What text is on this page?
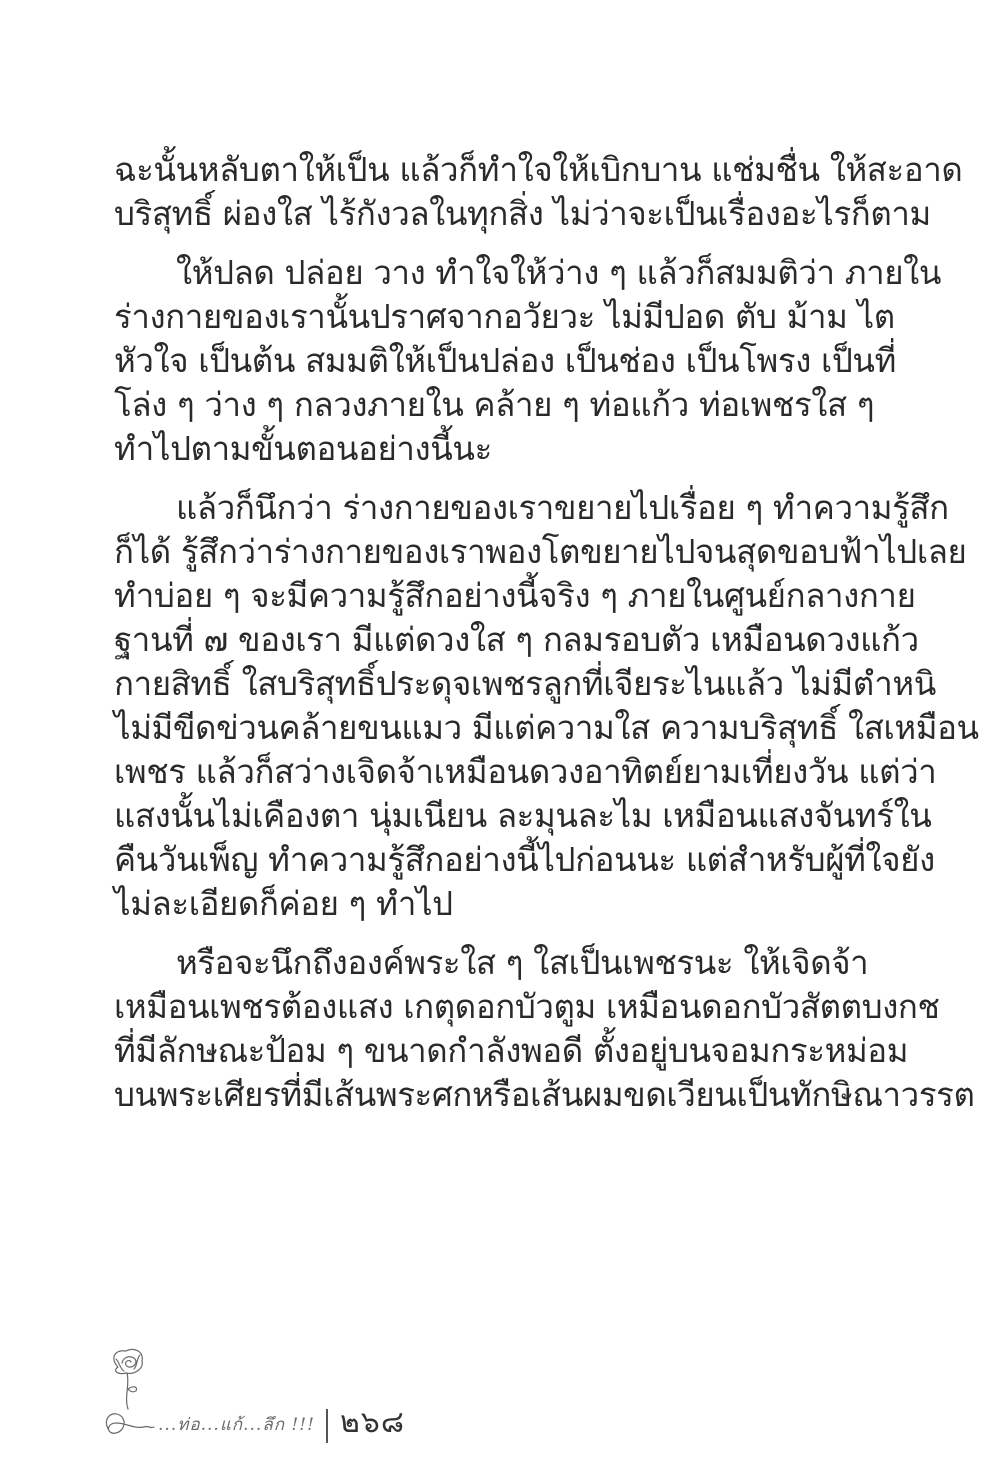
ฉะนั้นหลับตาให้เป็น แล้วก็ทำใจให้เบิกบาน แช่มชื่น ให้สะอาด
บริสุทธิ์ ผ่องใส ไร้กังวลในทุกสิ่ง ไม่ว่าจะเป็นเรื่องอะไรก็ตาม
ให้ปลด ปล่อย วาง ทำใจให้ว่าง ๆ แล้วก็สมมติว่า ภายใน
ร่างกายของเรานั้นปราศจากอวัยวะ ไม่มีปอด ตับ ม้าม ไต
หัวใจ เป็นต้น สมมติให้เป็นปล่อง เป็นช่อง เป็นโพรง เป็นที่
โล่ง ๆ ว่าง ๆ กลวงภายใน คล้าย ๆ ท่อแก้ว ท่อเพชรใส ๆ
ทำไปตามขั้นตอนอย่างนี้นะ
แล้วก็นึกว่า ร่างกายของเราขยายไปเรื่อย ๆ ทำความรู้สึก
ก็ได้ รู้สึกว่าร่างกายของเราพองโตขยายไปจนสุดขอบฟ้าไปเลย
ทำบ่อย ๆ จะมีความรู้สึกอย่างนี้จริง ๆ ภายในศูนย์กลางกาย
ฐานที่ ๗ ของเรา มีแต่ดวงใส ๆ กลมรอบตัว เหมือนดวงแก้ว
กายสิทธิ์ ใสบริสุทธิ์ประดุจเพชรลูกที่เจียระไนแล้ว ไม่มีตำหนิ
ไม่มีขีดข่วนคล้ายขนแมว มีแต่ความใส ความบริสุทธิ์ ใสเหมือน
เพชร แล้วก็สว่างเจิดจ้าเหมือนดวงอาทิตย์ยามเที่ยงวัน แต่ว่า
แสงนั้นไม่เคืองตา นุ่มเนียน ละมุนละไม เหมือนแสงจันทร์ใน
คืนวันเพ็ญ ทำความรู้สึกอย่างนี้ไปก่อนนะ แต่สำหรับผู้ที่ใจยัง
ไม่ละเอียดก็ค่อย ๆ ทำไป
หรือจะนึกถึงองค์พระใส ๆ ใสเป็นเพชรนะ ให้เจิดจ้า
เหมือนเพชรต้องแสง เกตุดอกบัวตูม เหมือนดอกบัวสัตตบงกช
ที่มีลักษณะป้อม ๆ ขนาดกำลังพอดี ตั้งอยู่บนจอมกระหม่อม
บนพระเศียรที่มีเส้นพระศกหรือเส้นผมขดเวียนเป็นทักษิณาวรรต
...ท่อ...แก้...ลึก !!! ๒๖๘
